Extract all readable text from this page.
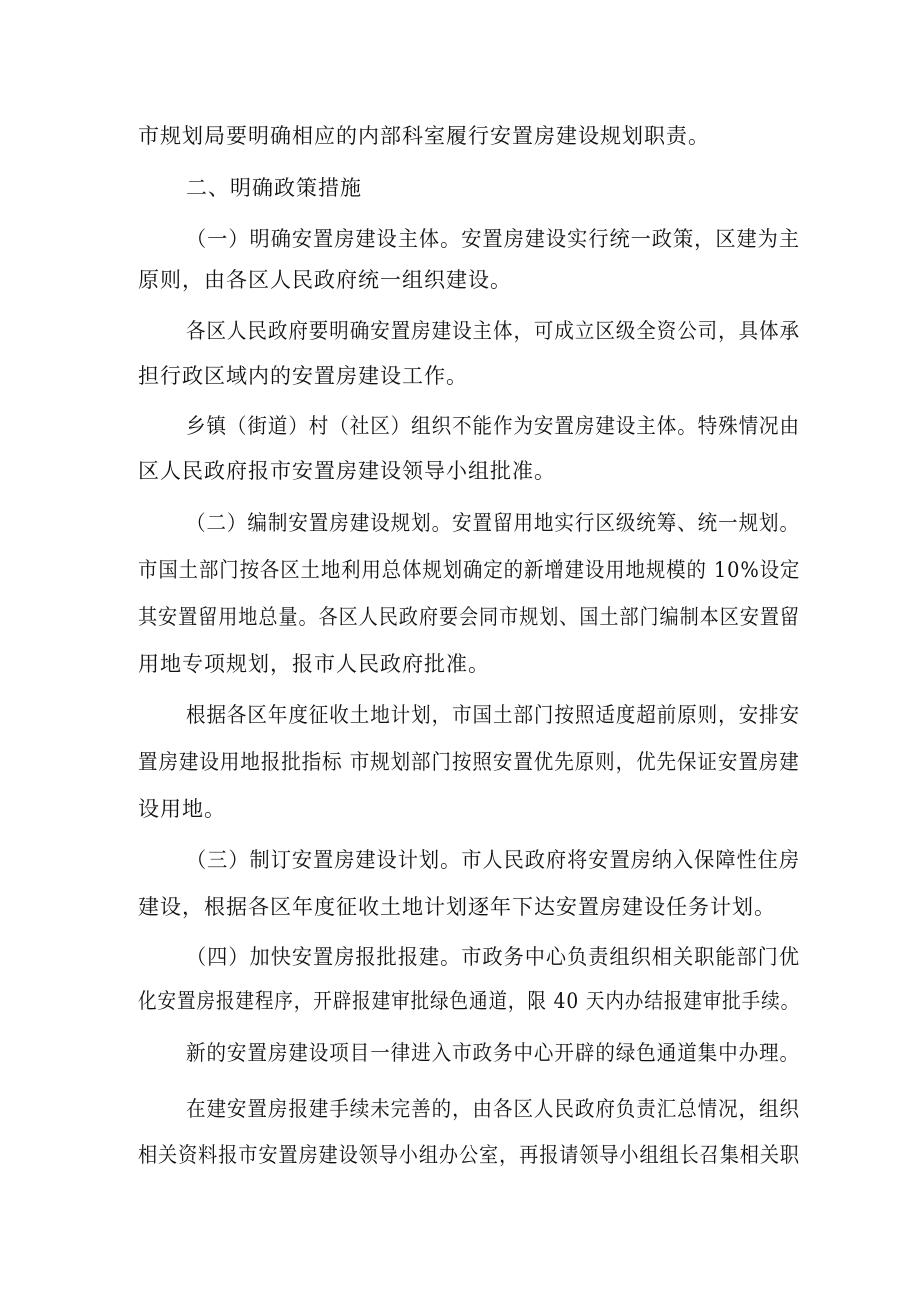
市规划局要明确相应的内部科室履行安置房建设规划职责。
二、明确政策措施
（一）明确安置房建设主体。安置房建设实行统一政策，区建为主
原则，由各区人民政府统一组织建设。
各区人民政府要明确安置房建设主体，可成立区级全资公司，具体承
担行政区域内的安置房建设工作。
乡镇（街道）村（社区）组织不能作为安置房建设主体。特殊情况由
区人民政府报市安置房建设领导小组批准。
（二）编制安置房建设规划。安置留用地实行区级统筹、统一规划。
市国土部门按各区土地利用总体规划确定的新增建设用地规模的 10%设定
其安置留用地总量。各区人民政府要会同市规划、国土部门编制本区安置留
用地专项规划，报市人民政府批准。
根据各区年度征收土地计划，市国土部门按照适度超前原则，安排安
置房建设用地报批指标 市规划部门按照安置优先原则，优先保证安置房建
设用地。
（三）制订安置房建设计划。市人民政府将安置房纳入保障性住房
建设，根据各区年度征收土地计划逐年下达安置房建设任务计划。
（四）加快安置房报批报建。市政务中心负责组织相关职能部门优
化安置房报建程序，开辟报建审批绿色通道，限 40 天内办结报建审批手续。
新的安置房建设项目一律进入市政务中心开辟的绿色通道集中办理。
在建安置房报建手续未完善的，由各区人民政府负责汇总情况，组织
相关资料报市安置房建设领导小组办公室，再报请领导小组组长召集相关职
